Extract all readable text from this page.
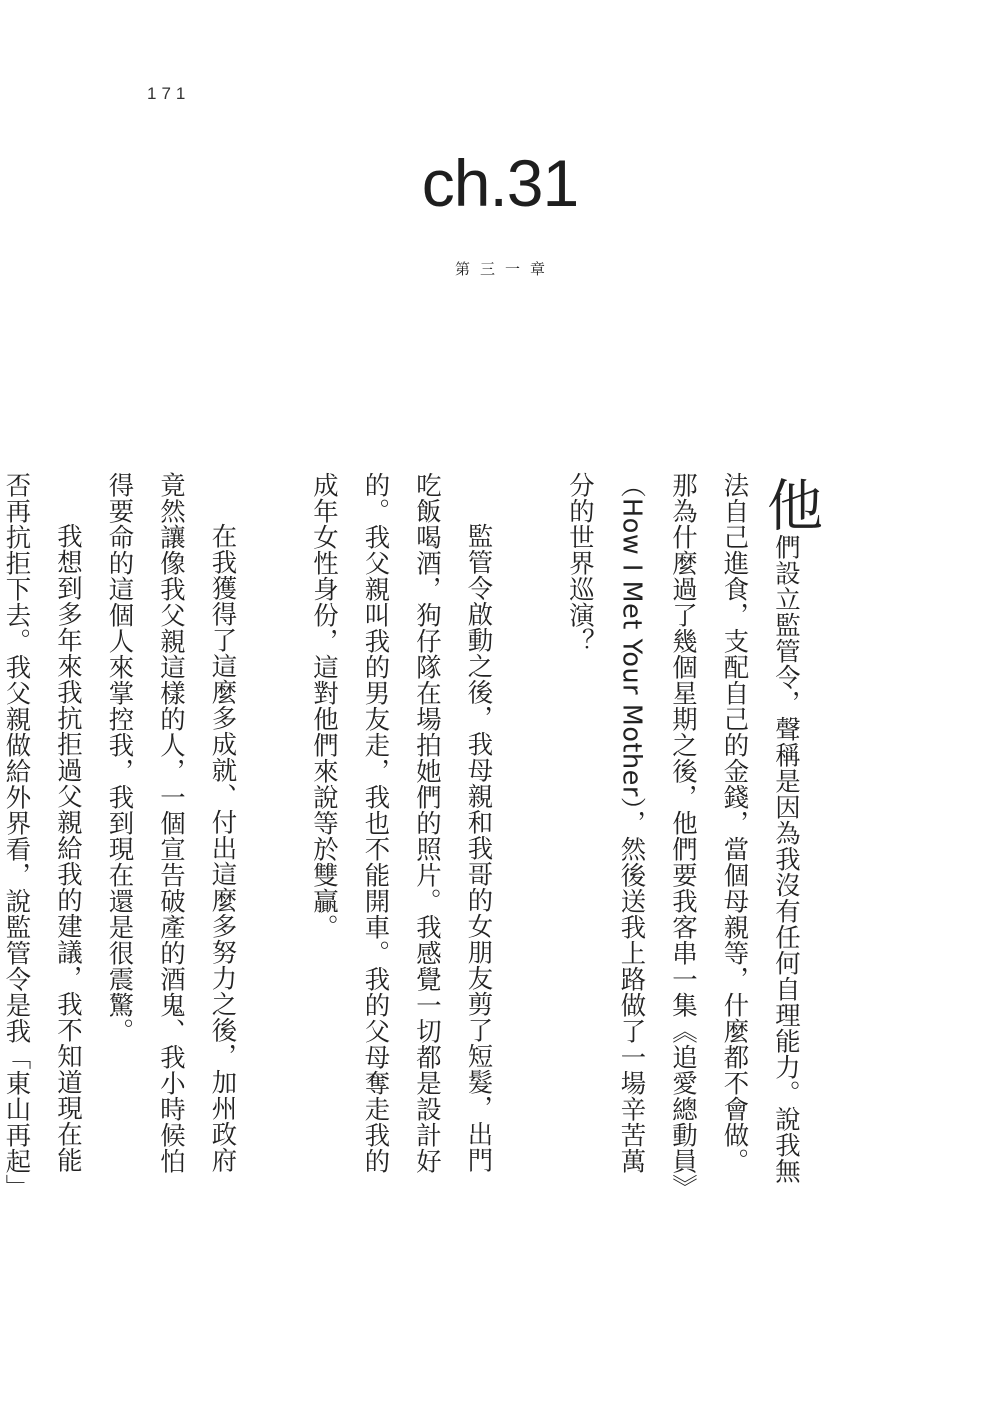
171
ch.31
第三一章

他們設立監管令，聲稱是因為我沒有任何自理能力。說我無法自己進食，支配自己的金錢，當個母親等，什麼都不會做。那為什麼過了幾個星期之後，他們要我客串一集《追愛總動員》（How I Met Your Mother），然後送我上路做了一場辛苦萬分的世界巡演？

監管令啟動之後，我母親和我哥的女朋友剪了短髮，出門吃飯喝酒，狗仔隊在場拍她們的照片。我感覺一切都是設計好的。我父親叫我的男友走，我也不能開車。我的父母奪走我的成年女性身份，這對他們來說等於雙贏。

在我獲得了這麼多成就、付出這麼多努力之後，加州政府竟然讓像我父親這樣的人，一個宣告破產的酒鬼、我小時候怕得要命的這個人來掌控我，我到現在還是很震驚。

我想到多年來我抗拒過父親給我的建議，我不知道現在能否再抗拒下去。我父親做給外界看，說監管令是我「東山再起」
